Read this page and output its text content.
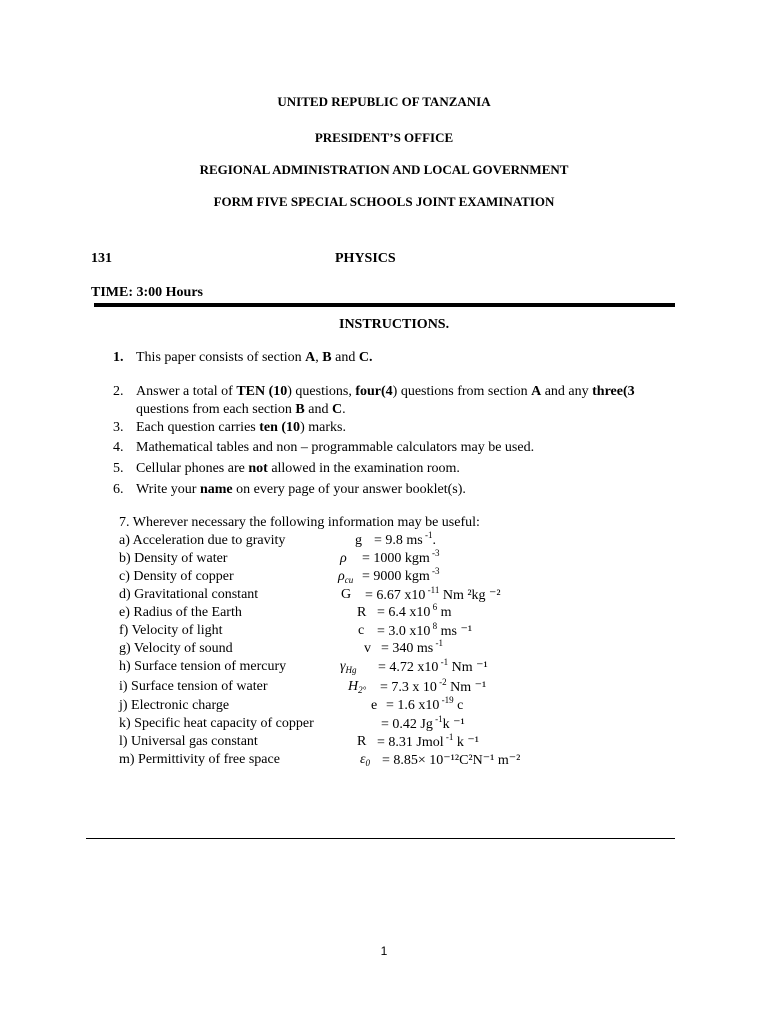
UNITED REPUBLIC OF TANZANIA
PRESIDENT’S OFFICE
REGIONAL ADMINISTRATION AND LOCAL GOVERNMENT
FORM FIVE SPECIAL SCHOOLS JOINT EXAMINATION
131	PHYSICS
TIME: 3:00 Hours
INSTRUCTIONS.
1. This paper consists of section A, B and C.
2. Answer a total of TEN (10) questions, four(4) questions from section A and any three(3
questions from each section B and C.
3. Each question carries ten (10) marks.
4. Mathematical tables and non – programmable calculators may be used.
5. Cellular phones are not allowed in the examination room.
6. Write your name on every page of your answer booklet(s).
7. Wherever necessary the following information may be useful:
a) Acceleration due to gravity	g = 9.8 ms $^{-1}$.
b) Density of water	ρ = 1000 kgm $^{-3}$
c) Density of copper	$\rho_{cu} = 9000$ kgm $^{-3}$
d) Gravitational constant	G = 6.67 x10 $^{-11}$ Nm ²kg ⁻²
e) Radius of the Earth	R = 6.4 x10 $^6$ m
f) Velocity of light	c = 3.0 x10 $^8$ ms ⁻¹
g) Velocity of sound	v = 340 ms $^{-1}$
h) Surface tension of mercury	$\gamma_{Hg} = 4.72$ x10 $^{-1}$ Nm ⁻¹
i) Surface tension of water	$H_{2^\circ} = 7.3$ x 10 $^{-2}$ Nm ⁻¹
j) Electronic charge	e = 1.6 x10 $^{-19}$ c
k) Specific heat capacity of copper	= 0.42 Jg $^{-1}$k ⁻¹
l) Universal gas constant	R = 8.31 Jmol $^{-1}$ k ⁻¹
m) Permittivity of free space	$\varepsilon_0 = 8.85\times 10^{-12}C^2N^{-1}$ m⁻²
1
